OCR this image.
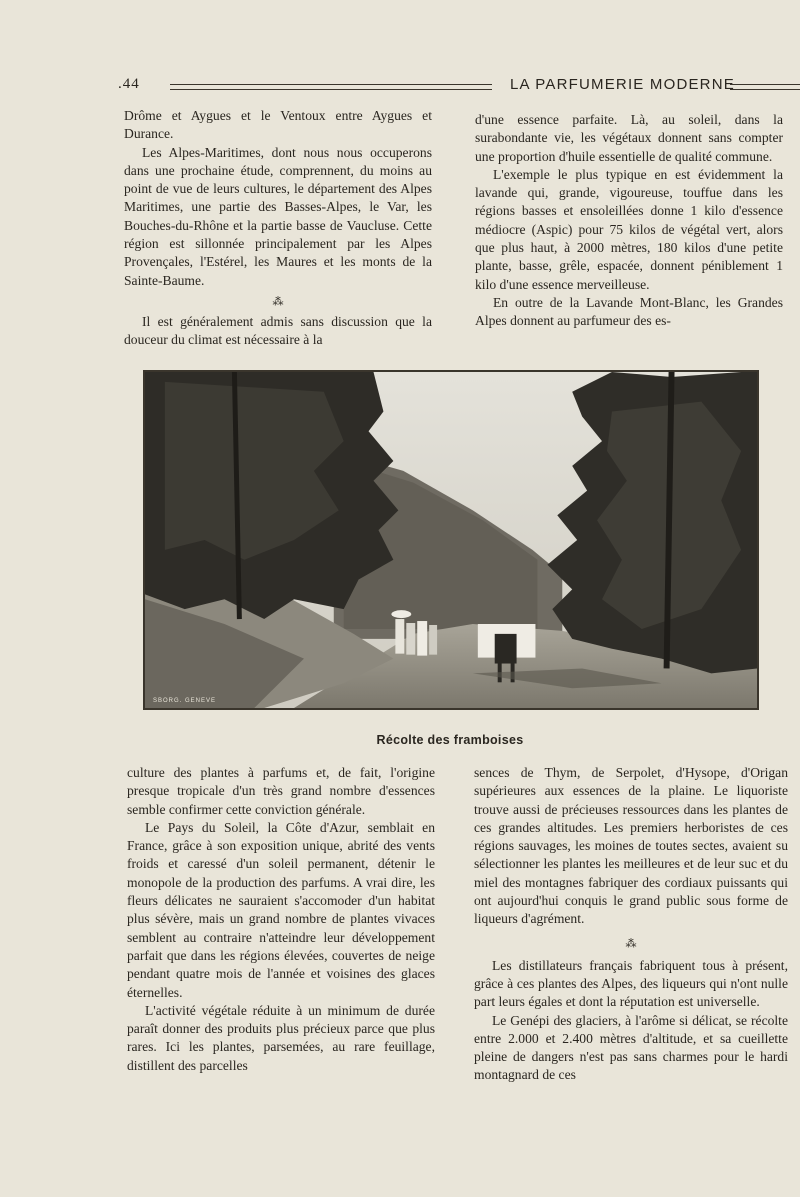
.44	LA PARFUMERIE MODERNE

Drôme et Aygues et le Ventoux entre Aygues et Durance.

Les Alpes-Maritimes, dont nous nous occuperons dans une prochaine étude, comprennent, du moins au point de vue de leurs cultures, le département des Alpes Maritimes, une partie des Basses-Alpes, le Var, les Bouches-du-Rhône et la partie basse de Vaucluse. Cette région est sillonnée principalement par les Alpes Provençales, l'Estérel, les Maures et les monts de la Sainte-Baume.

⁂

Il est généralement admis sans discussion que la douceur du climat est nécessaire à la

d'une essence parfaite. Là, au soleil, dans la surabondante vie, les végétaux donnent sans compter une proportion d'huile essentielle de qualité commune.

L'exemple le plus typique en est évidemment la lavande qui, grande, vigoureuse, touffue dans les régions basses et ensoleillées donne 1 kilo d'essence médiocre (Aspic) pour 75 kilos de végétal vert, alors que plus haut, à 2000 mètres, 180 kilos d'une petite plante, basse, grêle, espacée, donnent péniblement 1 kilo d'une essence merveilleuse.

En outre de la Lavande Mont-Blanc, les Grandes Alpes donnent au parfumeur des es-

SBORG. GENEVE
Récolte des framboises

culture des plantes à parfums et, de fait, l'origine presque tropicale d'un très grand nombre d'essences semble confirmer cette conviction générale.

Le Pays du Soleil, la Côte d'Azur, semblait en France, grâce à son exposition unique, abrité des vents froids et caressé d'un soleil permanent, détenir le monopole de la production des parfums. A vrai dire, les fleurs délicates ne sauraient s'accomoder d'un habitat plus sévère, mais un grand nombre de plantes vivaces semblent au contraire n'atteindre leur développement parfait que dans les régions élevées, couvertes de neige pendant quatre mois de l'année et voisines des glaces éternelles.

L'activité végétale réduite à un minimum de durée paraît donner des produits plus précieux parce que plus rares. Ici les plantes, parsemées, au rare feuillage, distillent des parcelles

sences de Thym, de Serpolet, d'Hysope, d'Origan supérieures aux essences de la plaine. Le liquoriste trouve aussi de précieuses ressources dans les plantes de ces grandes altitudes. Les premiers herboristes de ces régions sauvages, les moines de toutes sectes, avaient su sélectionner les plantes les meilleures et de leur suc et du miel des montagnes fabriquer des cordiaux puissants qui ont aujourd'hui conquis le grand public sous forme de liqueurs d'agrément.

⁂

Les distillateurs français fabriquent tous à présent, grâce à ces plantes des Alpes, des liqueurs qui n'ont nulle part leurs égales et dont la réputation est universelle.

Le Genépi des glaciers, à l'arôme si délicat, se récolte entre 2.000 et 2.400 mètres d'altitude, et sa cueillette pleine de dangers n'est pas sans charmes pour le hardi montagnard de ces
